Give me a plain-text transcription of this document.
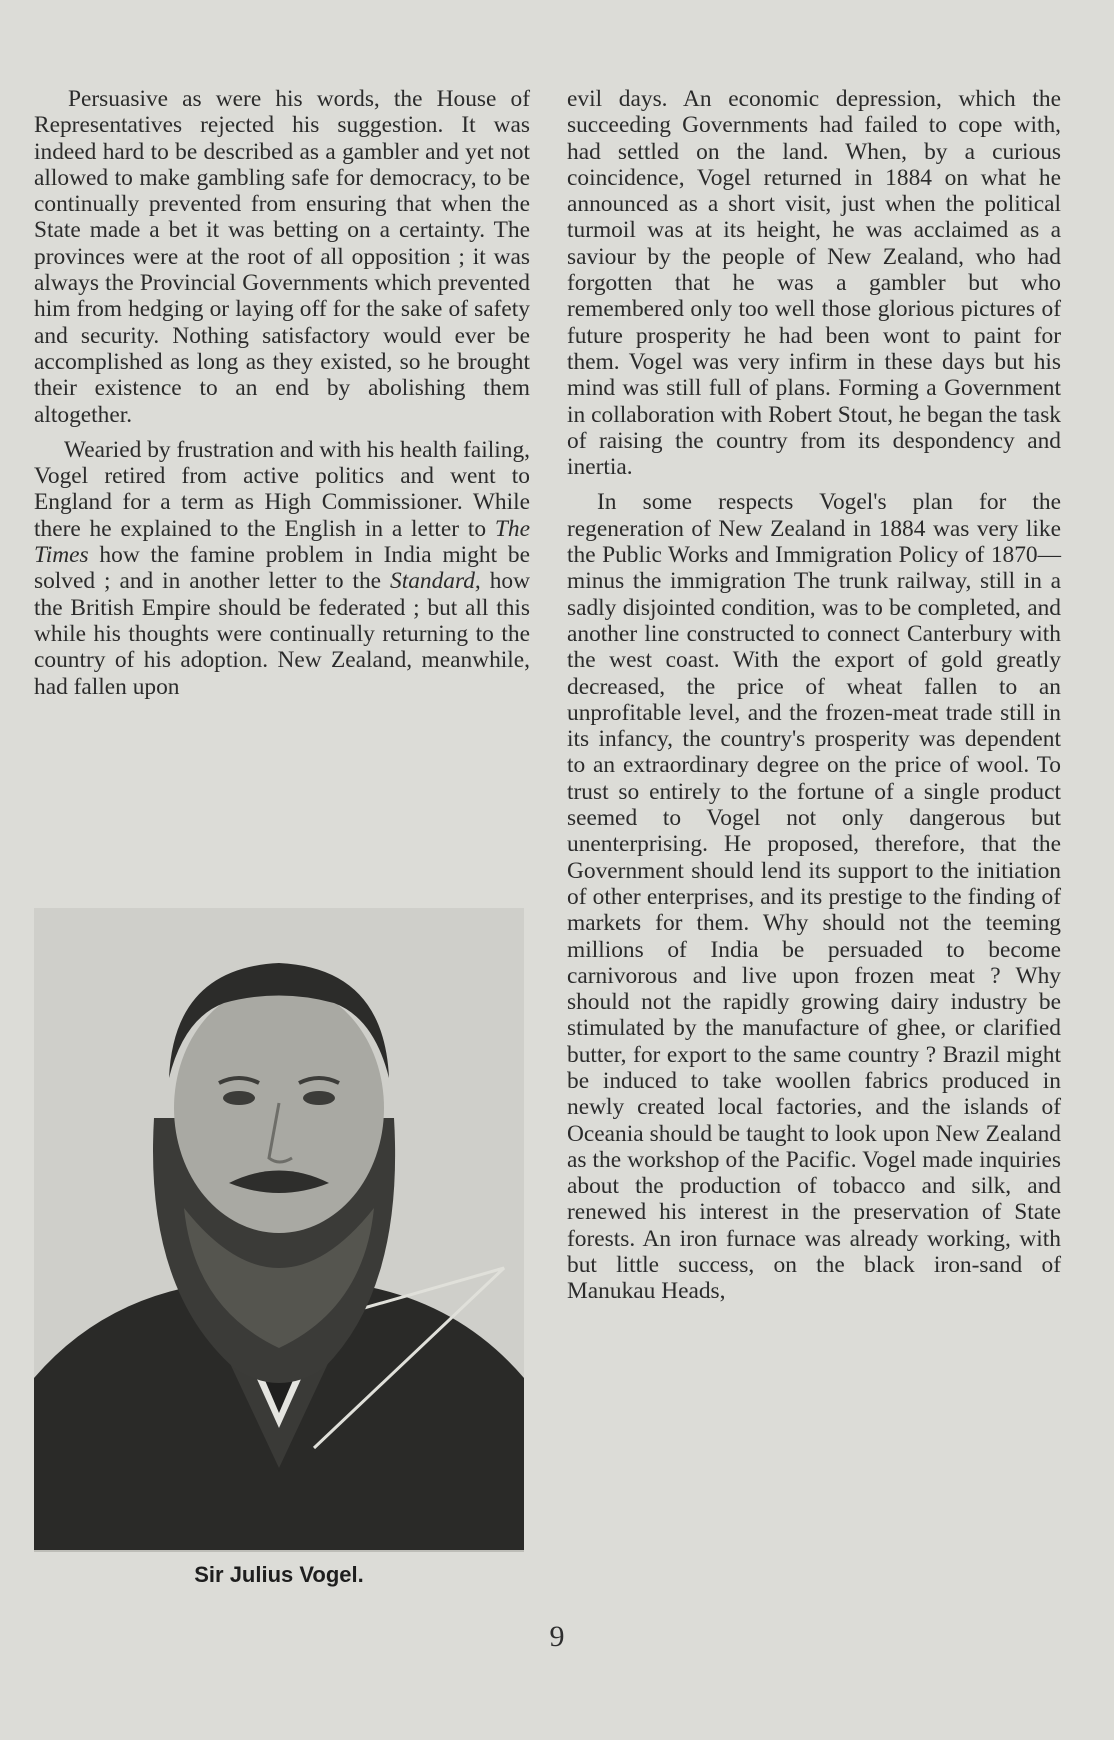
Persuasive as were his words, the House of Representatives rejected his suggestion. It was indeed hard to be described as a gambler and yet not allowed to make gambling safe for democracy, to be continually prevented from ensuring that when the State made a bet it was betting on a certainty. The provinces were at the root of all opposition ; it was always the Provincial Governments which prevented him from hedging or laying off for the sake of safety and security. Nothing satisfactory would ever be accomplished as long as they existed, so he brought their existence to an end by abolishing them altogether.

Wearied by frustration and with his health failing, Vogel retired from active politics and went to England for a term as High Commissioner. While there he explained to the English in a letter to The Times how the famine problem in India might be solved ; and in another letter to the Standard, how the British Empire should be federated ; but all this while his thoughts were continually returning to the country of his adoption. New Zealand, meanwhile, had fallen upon

Sir Julius Vogel.

evil days. An economic depression, which the succeeding Governments had failed to cope with, had settled on the land. When, by a curious coincidence, Vogel returned in 1884 on what he announced as a short visit, just when the political turmoil was at its height, he was acclaimed as a saviour by the people of New Zealand, who had forgotten that he was a gambler but who remembered only too well those glorious pictures of future prosperity he had been wont to paint for them. Vogel was very infirm in these days but his mind was still full of plans. Forming a Government in collaboration with Robert Stout, he began the task of raising the country from its despondency and inertia.

In some respects Vogel's plan for the regeneration of New Zealand in 1884 was very like the Public Works and Immigration Policy of 1870—minus the immigration The trunk railway, still in a sadly disjointed condition, was to be completed, and another line constructed to connect Canterbury with the west coast. With the export of gold greatly decreased, the price of wheat fallen to an unprofitable level, and the frozen-meat trade still in its infancy, the country's prosperity was dependent to an extraordinary degree on the price of wool. To trust so entirely to the fortune of a single product seemed to Vogel not only dangerous but unenterprising. He proposed, therefore, that the Government should lend its support to the initiation of other enterprises, and its prestige to the finding of markets for them. Why should not the teeming millions of India be persuaded to become carnivorous and live upon frozen meat ? Why should not the rapidly growing dairy industry be stimulated by the manufacture of ghee, or clarified butter, for export to the same country ? Brazil might be induced to take woollen fabrics produced in newly created local factories, and the islands of Oceania should be taught to look upon New Zealand as the workshop of the Pacific. Vogel made inquiries about the production of tobacco and silk, and renewed his interest in the preservation of State forests. An iron furnace was already working, with but little success, on the black iron-sand of Manukau Heads,

9
